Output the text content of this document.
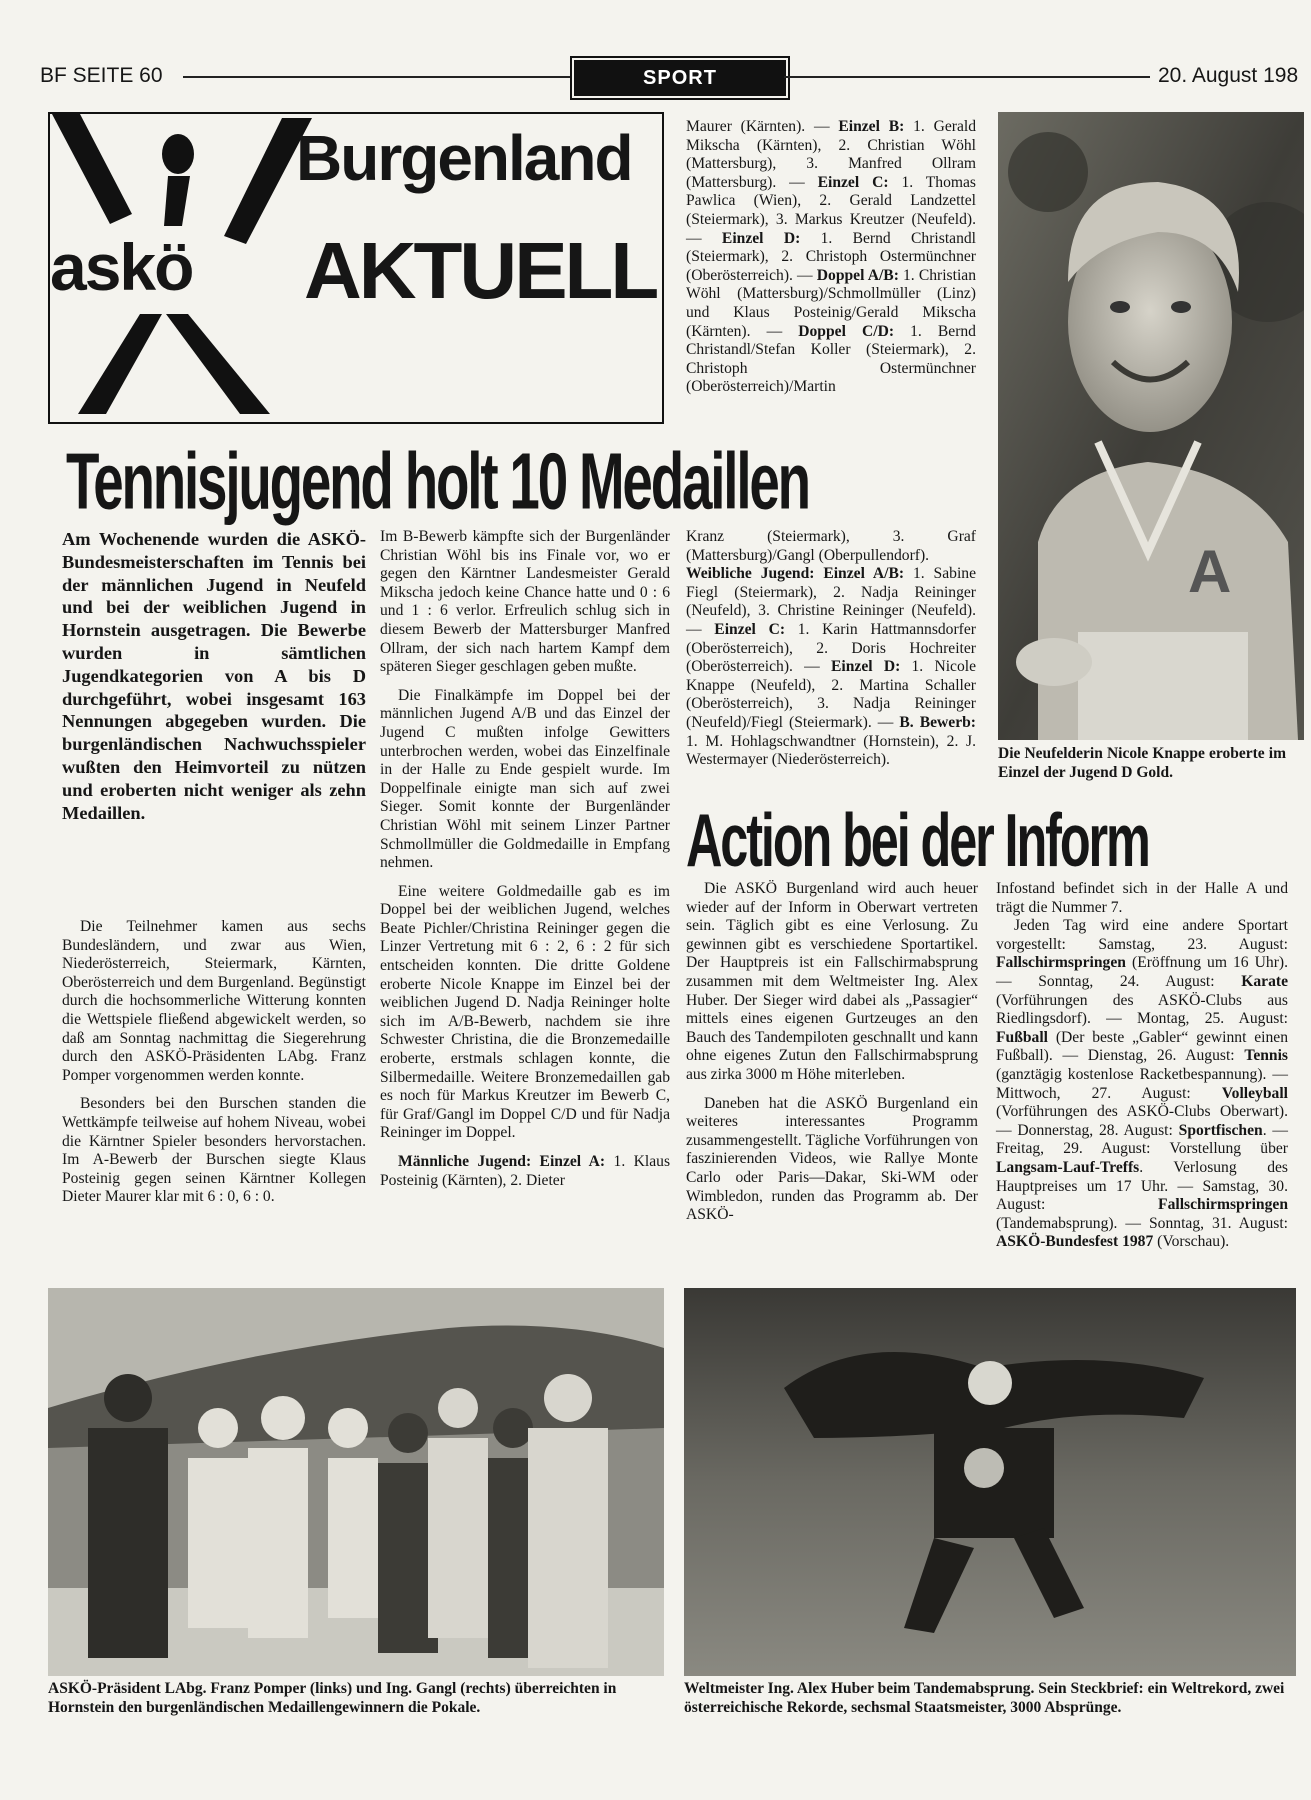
BF SEITE 60	SPORT	20. August 198
askö
Burgenland
AKTUELL
Maurer (Kärnten). — Einzel B: 1. Gerald Mikscha (Kärnten), 2. Christian Wöhl (Mattersburg), 3. Manfred Ollram (Mattersburg). — Einzel C: 1. Thomas Pawlica (Wien), 2. Gerald Landzettel (Steiermark), 3. Markus Kreutzer (Neufeld). — Einzel D: 1. Bernd Christandl (Steiermark), 2. Christoph Ostermünchner (Oberösterreich). — Doppel A/B: 1. Christian Wöhl (Mattersburg)/Schmollmüller (Linz) und Klaus Posteinig/Gerald Mikscha (Kärnten). — Doppel C/D: 1. Bernd Christandl/Stefan Koller (Steiermark), 2. Christoph Ostermünchner (Oberösterreich)/Martin
A
Die Neufelderin Nicole Knappe eroberte im Einzel der Jugend D Gold.
Tennisjugend holt 10 Medaillen
Am Wochenende wurden die ASKÖ-Bundesmeisterschaften im Tennis bei der männlichen Jugend in Neufeld und bei der weiblichen Jugend in Hornstein ausgetragen. Die Bewerbe wurden in sämtlichen Jugendkategorien von A bis D durchgeführt, wobei insgesamt 163 Nennungen abgegeben wurden. Die burgenländischen Nachwuchsspieler wußten den Heimvorteil zu nützen und eroberten nicht weniger als zehn Medaillen.

Die Teilnehmer kamen aus sechs Bundesländern, und zwar aus Wien, Niederösterreich, Steiermark, Kärnten, Oberösterreich und dem Burgenland. Begünstigt durch die hochsommerliche Witterung konnten die Wettspiele fließend abgewickelt werden, so daß am Sonntag nachmittag die Siegerehrung durch den ASKÖ-Präsidenten LAbg. Franz Pomper vorgenommen werden konnte.

Besonders bei den Burschen standen die Wettkämpfe teilweise auf hohem Niveau, wobei die Kärntner Spieler besonders hervorstachen. Im A-Bewerb der Burschen siegte Klaus Posteinig gegen seinen Kärntner Kollegen Dieter Maurer klar mit 6 : 0, 6 : 0.

Im B-Bewerb kämpfte sich der Burgenländer Christian Wöhl bis ins Finale vor, wo er gegen den Kärntner Landesmeister Gerald Mikscha jedoch keine Chance hatte und 0 : 6 und 1 : 6 verlor. Erfreulich schlug sich in diesem Bewerb der Mattersburger Manfred Ollram, der sich nach hartem Kampf dem späteren Sieger geschlagen geben mußte.

Die Finalkämpfe im Doppel bei der männlichen Jugend A/B und das Einzel der Jugend C mußten infolge Gewitters unterbrochen werden, wobei das Einzelfinale in der Halle zu Ende gespielt wurde. Im Doppelfinale einigte man sich auf zwei Sieger. Somit konnte der Burgenländer Christian Wöhl mit seinem Linzer Partner Schmollmüller die Goldmedaille in Empfang nehmen.

Eine weitere Goldmedaille gab es im Doppel bei der weiblichen Jugend, welches Beate Pichler/Christina Reininger gegen die Linzer Vertretung mit 6 : 2, 6 : 2 für sich entscheiden konnten. Die dritte Goldene eroberte Nicole Knappe im Einzel bei der weiblichen Jugend D. Nadja Reininger holte sich im A/B-Bewerb, nachdem sie ihre Schwester Christina, die die Bronzemedaille eroberte, erstmals schlagen konnte, die Silbermedaille. Weitere Bronzemedaillen gab es noch für Markus Kreutzer im Bewerb C, für Graf/Gangl im Doppel C/D und für Nadja Reininger im Doppel.

Männliche Jugend: Einzel A: 1. Klaus Posteinig (Kärnten), 2. Dieter

Kranz (Steiermark), 3. Graf (Mattersburg)/Gangl (Oberpullendorf).
Weibliche Jugend: Einzel A/B: 1. Sabine Fiegl (Steiermark), 2. Nadja Reininger (Neufeld), 3. Christine Reininger (Neufeld). — Einzel C: 1. Karin Hattmannsdorfer (Oberösterreich), 2. Doris Hochreiter (Oberösterreich). — Einzel D: 1. Nicole Knappe (Neufeld), 2. Martina Schaller (Oberösterreich), 3. Nadja Reininger (Neufeld)/Fiegl (Steiermark). — B. Bewerb: 1. M. Hohlagschwandtner (Hornstein), 2. J. Westermayer (Niederösterreich).
Action bei der Inform

Die ASKÖ Burgenland wird auch heuer wieder auf der Inform in Oberwart vertreten sein. Täglich gibt es eine Verlosung. Zu gewinnen gibt es verschiedene Sportartikel. Der Hauptpreis ist ein Fallschirmabsprung zusammen mit dem Weltmeister Ing. Alex Huber. Der Sieger wird dabei als „Passagier“ mittels eines eigenen Gurtzeuges an den Bauch des Tandempiloten geschnallt und kann ohne eigenes Zutun den Fallschirmabsprung aus zirka 3000 m Höhe miterleben.

Daneben hat die ASKÖ Burgenland ein weiteres interessantes Programm zusammengestellt. Tägliche Vorführungen von faszinierenden Videos, wie Rallye Monte Carlo oder Paris—Dakar, Ski-WM oder Wimbledon, runden das Programm ab. Der ASKÖ-

Infostand befindet sich in der Halle A und trägt die Nummer 7.

Jeden Tag wird eine andere Sportart vorgestellt: Samstag, 23. August: Fallschirmspringen (Eröffnung um 16 Uhr). — Sonntag, 24. August: Karate (Vorführungen des ASKÖ-Clubs aus Riedlingsdorf). — Montag, 25. August: Fußball (Der beste „Gabler“ gewinnt einen Fußball). — Dienstag, 26. August: Tennis (ganztägig kostenlose Racketbespannung). — Mittwoch, 27. August: Volleyball (Vorführungen des ASKÖ-Clubs Oberwart). — Donnerstag, 28. August: Sportfischen. — Freitag, 29. August: Vorstellung über Langsam-Lauf-Treffs. Verlosung des Hauptpreises um 17 Uhr. — Samstag, 30. August: Fallschirmspringen (Tandemabsprung). — Sonntag, 31. August: ASKÖ-Bundesfest 1987 (Vorschau).

ASKÖ-Präsident LAbg. Franz Pomper (links) und Ing. Gangl (rechts) überreichten in Hornstein den burgenländischen Medaillengewinnern die Pokale.
Weltmeister Ing. Alex Huber beim Tandemabsprung. Sein Steckbrief: ein Weltrekord, zwei österreichische Rekorde, sechsmal Staatsmeister, 3000 Absprünge.
